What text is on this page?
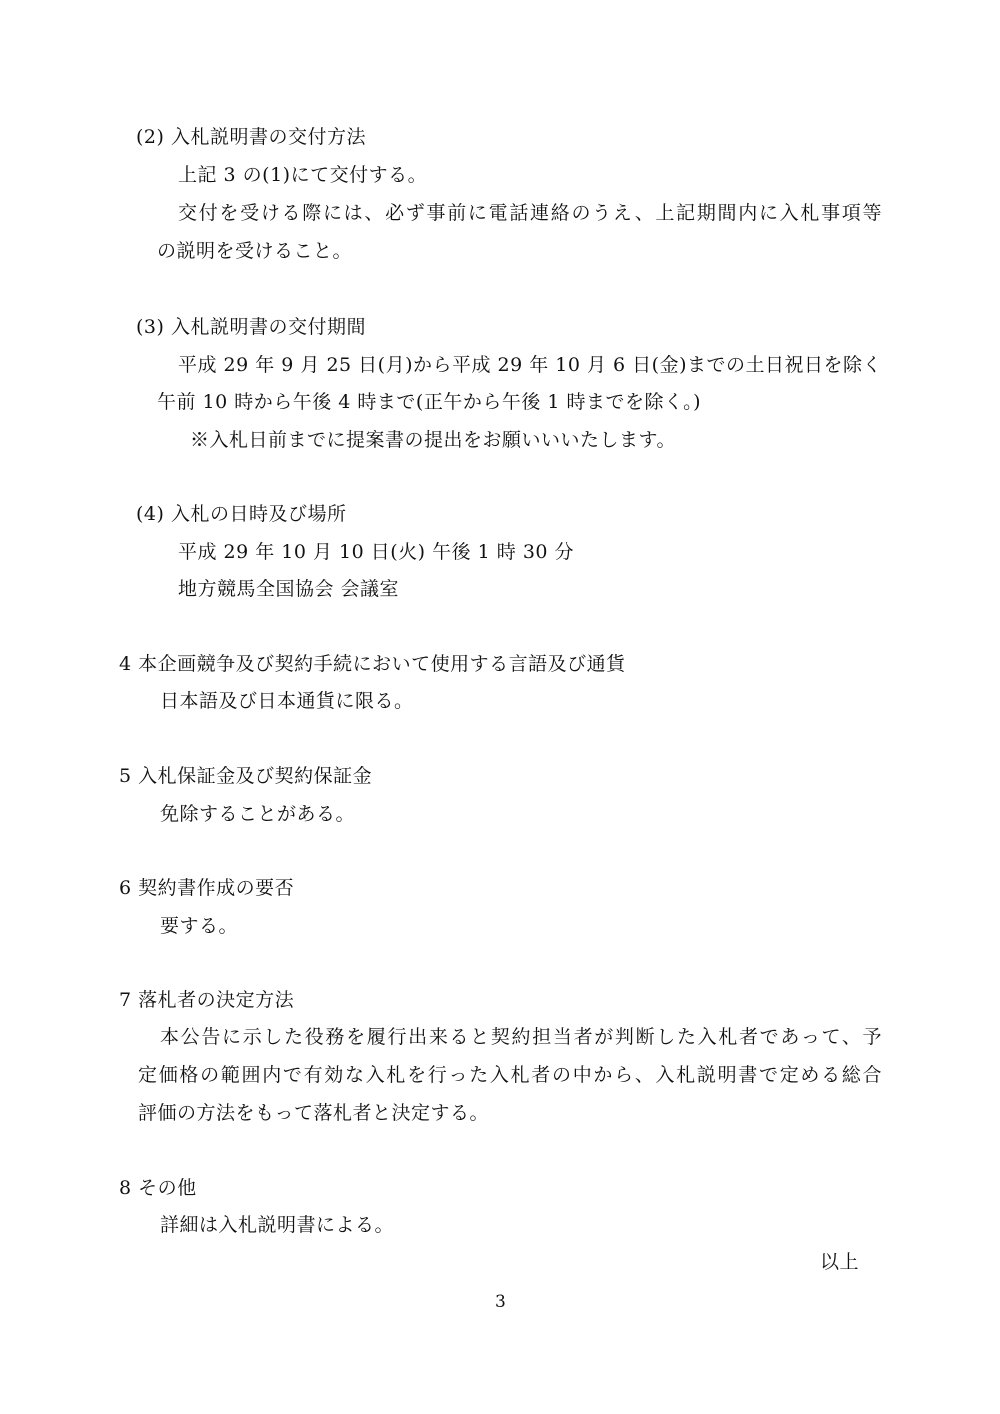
(2) 入札説明書の交付方法
上記 3 の(1)にて交付する。
交付を受ける際には、必ず事前に電話連絡のうえ、上記期間内に入札事項等
の説明を受けること。
(3) 入札説明書の交付期間
平成 29 年 9 月 25 日(月)から平成 29 年 10 月 6 日(金)までの土日祝日を除く
午前 10 時から午後 4 時まで(正午から午後 1 時までを除く。)
※入札日前までに提案書の提出をお願いいいたします。
(4) 入札の日時及び場所
平成 29 年 10 月 10 日(火) 午後 1 時 30 分
地方競馬全国協会 会議室
4 本企画競争及び契約手続において使用する言語及び通貨
日本語及び日本通貨に限る。
5 入札保証金及び契約保証金
免除することがある。
6 契約書作成の要否
要する。
7 落札者の決定方法
本公告に示した役務を履行出来ると契約担当者が判断した入札者であって、予
定価格の範囲内で有効な入札を行った入札者の中から、入札説明書で定める総合
評価の方法をもって落札者と決定する。
8 その他
詳細は入札説明書による。
以上
3
